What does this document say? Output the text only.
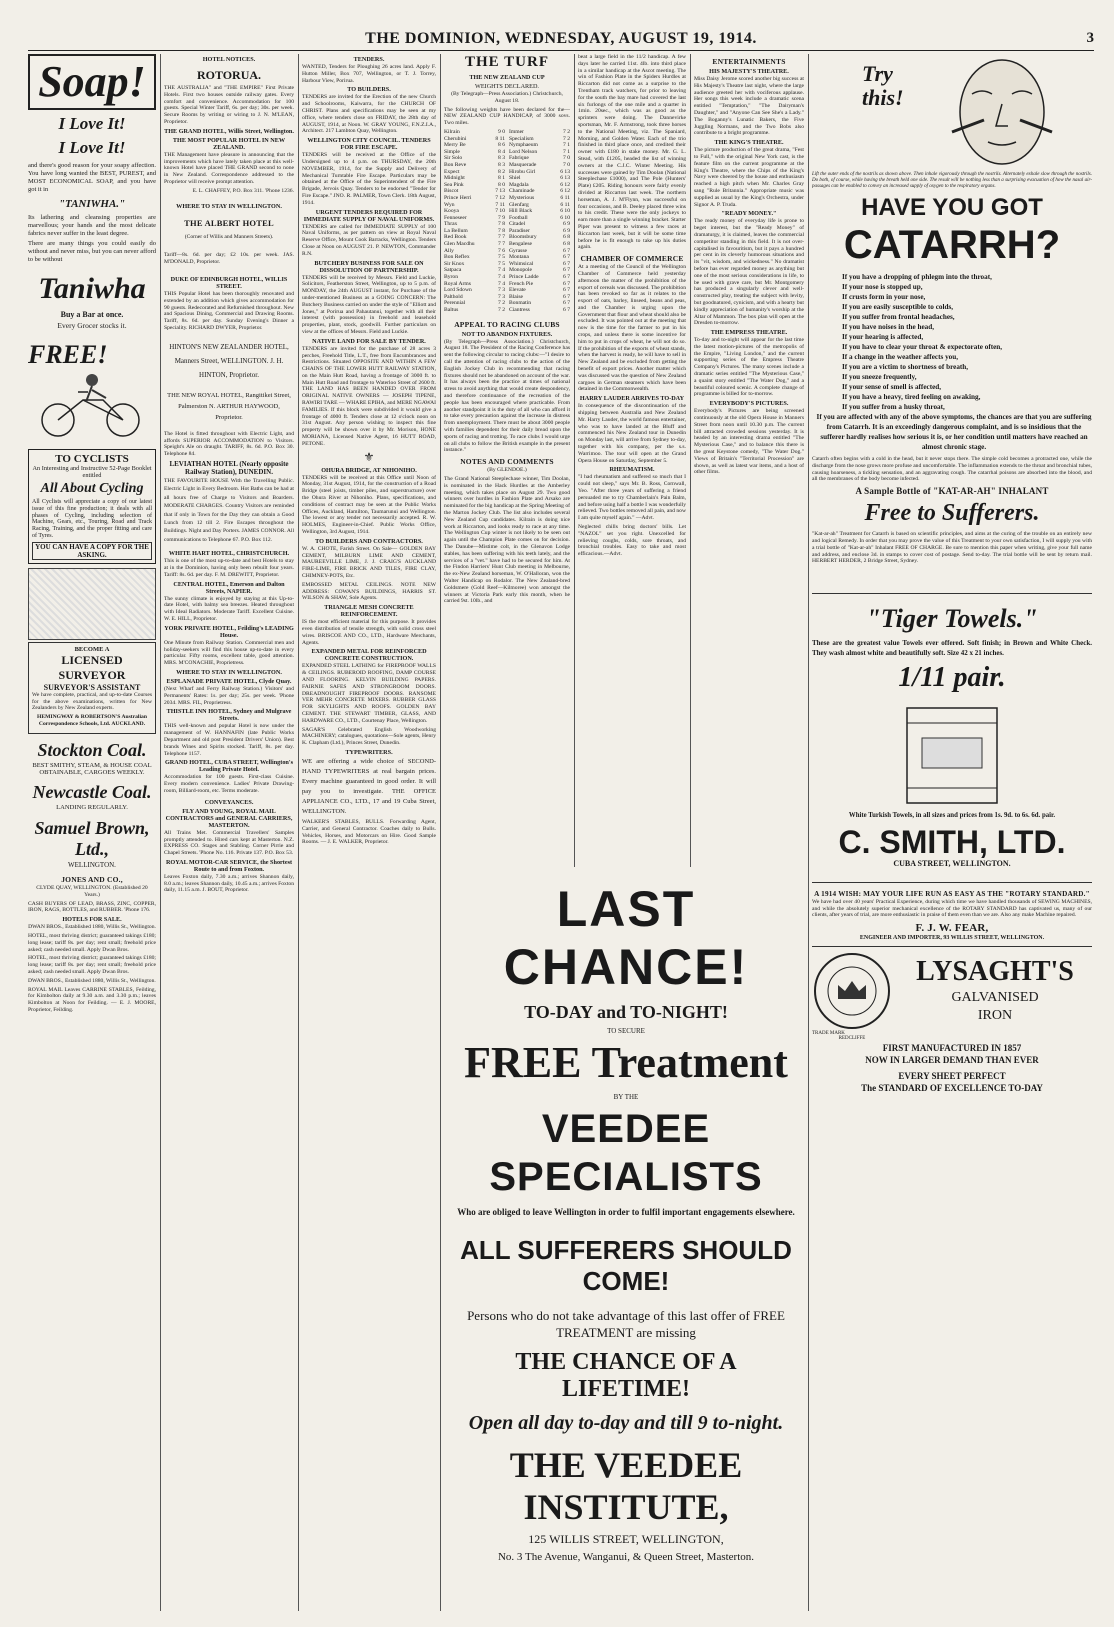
THE DOMINION, WEDNESDAY, AUGUST 19, 1914.	3
Soap!
I Love It!
I Love It!

and there's good reason for your soapy affection. You have long wanted the BEST, PUREST, and MOST ECONOMICAL SOAP, and you have got it in

"TANIWHA."

Its lathering and cleansing properties are marvellous; your hands and the most delicate fabrics never suffer in the least degree.

There are many things you could easily do without and never miss, but you can never afford to be without

Taniwha

Buy a Bar at once.

Every Grocer stocks it.

FREE!
TO CYCLISTS
An Interesting and Instructive 52-Page Booklet entitled
All About Cycling

All Cyclists will appreciate a copy of our latest issue of this fine production; it deals with all phases of Cycling, including selection of Machine, Gears, etc., Touring, Road and Track Racing, Training, and the proper fitting and care of Tyres.

YOU CAN HAVE A COPY FOR THE ASKING.
BECOME A
LICENSED SURVEYOR
SURVEYOR'S ASSISTANT

We have complete, practical, and up-to-date Courses for the above examinations, written for New Zealanders by New Zealand experts.

HEMINGWAY & ROBERTSON'S Australian Correspondence Schools, Ltd. AUCKLAND.

Stockton Coal.

BEST SMITHY, STEAM, & HOUSE COAL OBTAINABLE, CARGOES WEEKLY.

Newcastle Coal.

LANDING REGULARLY.

Samuel Brown, Ltd.,

WELLINGTON.

JONES AND CO.,

CLYDE QUAY, WELLINGTON. (Established 20 Years.)

CASH BUYERS OF LEAD, BRASS, ZINC, COPPER, IRON, RAGS, BOTTLES, and RUBBER. 'Phone 176.

HOTELS FOR SALE.

DWAN BROS., Established 1880, Willis St., Wellington.

HOTEL, most thriving district; guaranteed takings £180; long lease; tariff 8s. per day; rent small; freehold price asked; cash needed small. Apply Dwan Bros.

HOTEL, most thriving district; guaranteed takings £180; long lease; tariff 8s. per day; rent small; freehold price asked; cash needed small. Apply Dwan Bros.

DWAN BROS., Established 1880, Willis St., Wellington.

ROYAL MAIL Leaves CARRINE STABLES, Feilding, for Kimbolton daily at 9.30 a.m. and 3.30 p.m.; leaves Kimbolton at Noon for Feilding. — E. J. MOORE, Proprietor, Feilding.

HOTEL NOTICES.
ROTORUA.

THE AUSTRALIA" and "THE EMPIRE" First Private Hotels. First two houses outside railway gates. Every comfort and convenience. Accommodation for 100 guests. Special Winter Tariff, 6s. per day; 30s. per week. Secure Rooms by writing or wiring to J. N. M'LEAN, Proprietor.

THE GRAND HOTEL, Willis Street, Wellington.
THE MOST POPULAR HOTEL IN NEW ZEALAND.

THE Management have pleasure in announcing that the improvements which have lately taken place at this well-known Hotel have placed THE GRAND second to none in New Zealand. Correspondence addressed to the Proprietor will receive prompt attention.

E. L. CHAFFEY, P.O. Box 311. 'Phone 1236.

WHERE TO STAY IN WELLINGTON.
THE ALBERT HOTEL

(Corner of Willis and Manners Streets).

Tariff—8s. 6d. per day; £2 10s. per week. JAS. M'DONALD, Proprietor.

DUKE OF EDINBURGH HOTEL, WILLIS STREET.

THIS Popular Hotel has been thoroughly renovated and extended by an addition which gives accommodation for 90 guests. Redecorated and Refurnished throughout. New and Spacious Dining, Commercial and Drawing Rooms. Tariff, 8s. 6d. per day. Sunday Evening's Dinner a Speciality. RICHARD DWYER, Proprietor.

HINTON'S NEW ZEALANDER HOTEL, Manners Street, WELLINGTON. J. H. HINTON, Proprietor.

THE NEW ROYAL HOTEL, Rangitikei Street, Palmerston N. ARTHUR HAYWOOD, Proprietor.

The Hotel is fitted throughout with Electric Light, and affords SUPERIOR ACCOMMODATION to Visitors. Speight's Ale on draught. TARIFF, 8s. 6d. P.O. Box 30. Telephone 84.

LEVIATHAN HOTEL (Nearly opposite Railway Station), DUNEDIN.

THE FAVOURITE HOUSE With the Travelling Public. Electric Light in Every Bedroom. Hot Baths can be had at all hours free of Charge to Visitors and Boarders. MODERATE CHARGES. Country Visitors are reminded that if only in Town for the Day they can obtain a Good Lunch from 12 till 2. Fire Escapes throughout the Buildings. Night and Day Porters. JAMES CONNOR. All communications to Telephone 67. P.O. Box 112.

WHITE HART HOTEL, CHRISTCHURCH.

This is one of the most up-to-date and best Hotels to stay at in the Dominion, having only been rebuilt four years. Tariff: 8s. 6d. per day. F. M. DREWITT, Proprietor.

CENTRAL HOTEL, Emerson and Dalton Streets, NAPIER.

The sunny climate is enjoyed by staying at this Up-to-date Hotel, with balmy sea breezes. Heated throughout with Ideal Radiators. Moderate Tariff. Excellent Cuisine. W. E. HILL, Proprietor.

YORK PRIVATE HOTEL, Feilding's LEADING House.

One Minute from Railway Station. Commercial men and holiday-seekers will find this house up-to-date in every particular. Fifty rooms, excellent table, good attention. MRS. M'CONACHIE, Proprietress.

WHERE TO STAY IN WELLINGTON.
ESPLANADE PRIVATE HOTEL, Clyde Quay.

(Next Wharf and Ferry Railway Station.) Visitors' and Permanents' Rates: 1s. per day; 25s. per week. 'Phone 2034. MRS. FIL, Proprietress.

THISTLE INN HOTEL, Sydney and Mulgrave Streets.

THIS well-known and popular Hotel is now under the management of W. HANNAFIN (late Public Works Department and old post President Drivers' Union). Best brands Wines and Spirits stocked. Tariff, 8s. per day. Telephone 1157.

GRAND HOTEL, CUBA STREET, Wellington's Leading Private Hotel.

Accommodation for 100 guests. First-class Cuisine. Every modern convenience. Ladies' Private Drawing-room, Billiard-room, etc. Terms moderate.

CONVEYANCES.
FLY AND YOUNG, ROYAL MAIL CONTRACTORS and GENERAL CARRIERS, MASTERTON.

All Trains Met. Commercial Travellers' Samples promptly attended to. Hired cars kept at Masterton. N.Z. EXPRESS CO. Stages and Stabling. Corner Pirrie and Chapel Streets. 'Phone No. 116. Private 137. P.O. Box 53.

ROYAL MOTOR-CAR SERVICE, the Shortest Route to and from Foxton.

Leaves Foxton daily, 7.30 a.m.; arrives Shannon daily, 8.0 a.m.; leaves Shannon daily, 10.45 a.m.; arrives Foxton daily, 11.15 a.m. J. BOUT, Proprietor.

TENDERS.

WANTED, Tenders for Ploughing 26 acres land. Apply F. Hutton Miller, Box 707, Wellington, or T. J. Torrey, Harbour View, Porirua.

TO BUILDERS.

TENDERS are invited for the Erection of the new Church and Schoolrooms, Kaiwarra, for the CHURCH OF CHRIST. Plans and specifications may be seen at my office, where tenders close on FRIDAY, the 28th day of AUGUST, 1914, at Noon. W. GRAY YOUNG, F.N.Z.I.A., Architect. 217 Lambton Quay, Wellington.

WELLINGTON CITY COUNCIL. TENDERS FOR FIRE ESCAPE.

TENDERS will be received at the Office of the Undersigned up to 4 p.m. on THURSDAY, the 20th NOVEMBER, 1914, for the Supply and Delivery of Mechanical Turntable Fire Escape. Particulars may be obtained at the Office of the Superintendent of the Fire Brigade, Jervois Quay. Tenders to be endorsed "Tender for Fire Escape." JNO. R. PALMER, Town Clerk. 18th August, 1914.

URGENT TENDERS REQUIRED FOR IMMEDIATE SUPPLY OF NAVAL UNIFORMS.

TENDERS are called for IMMEDIATE SUPPLY of 100 Naval Uniforms, as per pattern on view at Royal Naval Reserve Office, Mount Cook Barracks, Wellington. Tenders Close at Noon on AUGUST 21. P. NEWTON, Commander R.N.

BUTCHERY BUSINESS FOR SALE ON DISSOLUTION OF PARTNERSHIP.

TENDERS will be received by Messrs. Field and Luckie, Solicitors, Featherston Street, Wellington, up to 5 p.m. of MONDAY, the 24th AUGUST instant, for Purchase of the under-mentioned Business as a GOING CONCERN: The Butchery Business carried on under the style of "Elliott and Jones," at Porirua and Pahautanui, together with all their interest (with possession) in freehold and leasehold properties, plant, stock, goodwill. Further particulars on view at the offices of Messrs. Field and Luckie.

NATIVE LAND FOR SALE BY TENDER.

TENDERS are invited for the purchase of 28 acres 3 perches, Freehold Title, L.T., free from Encumbrances and Restrictions. Situated OPPOSITE AND WITHIN A FEW CHAINS OF THE LOWER HUTT RAILWAY STATION, on the Main Hutt Road, having a frontage of 3000 ft. to Main Hutt Road and frontage to Waterloo Street of 2600 ft. THE LAND HAS BEEN HANDED OVER FROM ORIGINAL NATIVE OWNERS — JOSEPH TIPENE, RAWIRI TARE — WHARE EPIHA, and MERE NGAWAI FAMILIES. If this block were subdivided it would give a frontage of 4000 ft. Tenders close at 12 o'clock noon on 31st August. Any person wishing to inspect this fine property will be shown over it by Mr. Morison, HONE MORIANA, Licensed Native Agent, 16 HUTT ROAD, PETONE.

⚜
OHURA BRIDGE, AT NIHONIHO.

TENDERS will be received at this Office until Noon of Monday, 31st August, 1914, for the construction of a Road Bridge (steel joists, timber piles, and superstructure) over the Ohura River at Nihoniho. Plans, specifications, and conditions of contract may be seen at the Public Works Offices, Auckland, Hamilton, Taumarunui and Wellington. The lowest or any tender not necessarily accepted. R. W. HOLMES, Engineer-in-Chief. Public Works Office, Wellington, 3rd August, 1914.

TO BUILDERS AND CONTRACTORS.

W. A. CHOTE, Farish Street. On Sale— GOLDEN BAY CEMENT, MILBURN LIME AND CEMENT, MAUREEVILLE LIME, J. J. CRAIG'S AUCKLAND FIRE-LIME, FIRE BRICK AND TILES, FIRE CLAY, CHIMNEY-POTS, Etc.

EMBOSSED METAL CEILINGS. NOTE NEW ADDRESS: COWAN'S BUILDINGS, HARRIS ST. WILSON & SHAW, Sole Agents.

TRIANGLE MESH CONCRETE REINFORCEMENT.

IS the most efficient material for this purpose. It provides even distribution of tensile strength, with solid cross steel wires. BRISCOE AND CO., LTD., Hardware Merchants, Agents.

EXPANDED METAL FOR REINFORCED CONCRETE CONSTRUCTION.

EXPANDED STEEL LATHING for FIREPROOF WALLS & CEILINGS. RUBEROID ROOFING, DAMP COURSE AND FLOORING. KELVIN BUILDING PAPERS. FAIRNIE SAFES AND STRONGROOM DOORS. DREADNOUGHT FIREPROOF DOORS. RANSOME VER MEHR CONCRETE MIXERS. RUBBER GLASS FOR SKYLIGHTS AND ROOFS. GOLDEN BAY CEMENT. THE STEWART TIMBER, GLASS, AND HARDWARE CO., LTD., Courtenay Place, Wellington.

SAGAR'S Celebrated English Woodworking MACHINERY; catalogues, quotations—Sole agents, Henry K. Clapham (Ltd.), Princes Street, Dunedin.

TYPEWRITERS.

WE are offering a wide choice of SECOND-HAND TYPEWRITERS at real bargain prices. Every machine guaranteed in good order. It will pay you to investigate. THE OFFICE APPLIANCE CO., LTD., 17 and 19 Cuba Street, WELLINGTON.

WALKER'S STABLES, BULLS. Forwarding Agent, Carrier, and General Contractor. Coaches daily to Bulls. Vehicles, Horses, and Motorcars on Hire. Good Sample Rooms. — J. E. WALKER, Proprietor.

THE TURF
THE NEW ZEALAND CUP
WEIGHTS DECLARED.

(By Telegraph—Press Association.) Christchurch, August 18.

The following weights have been declared for the— NEW ZEALAND CUP HANDICAP, of 3000 sovs. Two miles.

Kilrain	9 0
Cherubini	8 11
Merry Be	8 6
Simple	8 4
Sir Solo	8 3
Bon Reve	8 3
Expect	8 2
Midnight	8 1
Sea Pink	8 0
Biscot	7 13
Prince Herri	7 12
Wyn	7 11
Kooya	7 10
Fenneseer	7 9
Thrax	7 8
La Bellum	7 8
Red Book	7 7
Glen Macdhu	7 7
Ally	7 6
Bon Reflex	7 5
Sir Knox	7 5
Satpaca	7 4
Byron	7 4
Royal Arms	7 4
Lord Sdown	7 3
Palthold	7 3
Perennial	7 2
Baltus	7 2
Immer	7 2
Specialism	7 2
Nymphaeum	7 1
Lord Nelson	7 1
Fabrique	7 0
Masquerade	7 0
Hirobu Girl	6 13
Shiel	6 13
Magdala	6 12
Chaminade	6 12
Mysterious	6 11
Glenfarg	6 11
Hill Black	6 10
Football	6 10
Citadel	6 9
Paradiser	6 9
Bloomsbury	6 8
Bengalese	6 8
Gyrasse	6 7
Montana	6 7
Whimsical	6 7
Monopole	6 7
Prince Ladde	6 7
French Pie	6 7
Elevate	6 7
Blaise	6 7
Bonmatin	6 7
Ciantress	6 7
APPEAL TO RACING CLUBS
NOT TO ABANDON FIXTURES.

(By Telegraph—Press Association.) Christchurch, August 18. The President of the Racing Conference has sent the following circular to racing clubs:—"I desire to call the attention of racing clubs to the action of the English Jockey Club in recommending that racing fixtures should not be abandoned on account of the war. It has always been the practice at times of national stress to avoid anything that would create despondency, and therefore continuance of the recreation of the people has been encouraged where practicable. From another standpoint it is the duty of all who can afford it to take every precaution against the increase in distress from unemployment. There must be about 3000 people with families dependent for their daily bread upon the sports of racing and trotting. To race clubs I would urge on all clubs to follow the British example in the present instance."

NOTES AND COMMENTS

(By GLENDOE.)

The Grand National Steeplechase winner, Tim Doolan, is nominated in the Hack Hurdles at the Amberley meeting, which takes place on August 29. Two good winners over hurdles in Fashion Plate and Arsako are nominated for the big handicap at the Spring Meeting of the Marton Jockey Club. The list also includes several New Zealand Cup candidates. Kilrain is doing nice work at Riccarton, and looks ready to race at any time. The Wellington Cup winter is not likely to be seen out again until the Champion Plate comes on for decision. The Danube—Mistime colt, in the Glenavon Lodge stables, has been suffering with his teeth lately, and the services of a "vet." have had to be secured for him. At the Findon Harriers' Hunt Club meeting in Melbourne, the ex-New Zealand horseman, W. O'Halloran, won the Walter Handicap on Rodalor. The New Zealand-bred Goldsmere (Gold Reef—Kilmoree) won amongst the winners at Victoria Park early this month, when he carried 9st. 10lb., and

beat a large field in the 11/2 handicap. A few days later he carried 11st. 4lb. into third place in a similar handicap at the Ascot meeting. The win of Fashion Plate in the Spiders Hurdles at Riccarton did not come as a surprise to the Trentham track watchers, for prior to leaving for the south the bay mare had covered the last six furlongs of the one mile and a quarter in 1min. 20sec., which was as good as the sprinters were doing. The Dannevirke sportsman, Mr. F. Armstrong, took three horses to the National Meeting, viz. The Spaniard, Morning, and Golden Water. Each of the trio finished in third place once, and credited their owner with £180 in stake money. Mr. G. L. Stead, with £1205, headed the list of winning owners at the C.J.C. Winter Meeting. His successes were gained by Tim Doolan (National Steeplechase £1000), and The Pole (Hunters' Plate) £205. Riding honours were fairly evenly divided at Riccarton last week. The northern horseman, A. J. M'Flynn, was successful on four occasions, and B. Deeley placed three wins to his credit. These were the only jockeys to earn more than a single winning bracket. Starter Piper was present to witness a few races at Riccarton last week, but it will be some time before he is fit enough to take up his duties again.

CHAMBER OF COMMERCE

At a meeting of the Council of the Wellington Chamber of Commerce held yesterday afternoon the matter of the prohibition of the export of cereals was discussed. The prohibition has been revoked so far as it relates to the export of oats, barley, linseed, beans and peas, and the Chamber is urging upon the Government that flour and wheat should also be excluded. It was pointed out at the meeting that now is the time for the farmer to put in his crops, and unless there is some incentive for him to put in crops of wheat, he will not do so. If the prohibition of the exports of wheat stands, when the harvest is ready, he will have to sell in New Zealand and be excluded from getting the benefit of export prices. Another matter which was discussed was the question of New Zealand cargoes in German steamers which have been detained in the Commonwealth.

HARRY LAUDER ARRIVES TO-DAY

In consequence of the discontinuation of the shipping between Australia and New Zealand Mr. Harry Lauder, the world famous entertainer, who was to have landed at the Bluff and commenced his New Zealand tour in Dunedin on Monday last, will arrive from Sydney to-day, together with his company, per the s.s. Warrimoo. The tour will open at the Grand Opera House on Saturday, September 5.

RHEUMATISM.

"I had rheumatism and suffered so much that I could not sleep," says Mr. B. Ross, Cornwall, Yeo. "After three years of suffering a friend persuaded me to try Chamberlain's Pain Balm, and before using half a bottle I was wonderfully relieved. Two bottles removed all pain, and now I am quite myself again." —Advt.

Neglected chills bring doctors' bills. Let "NAZOL" set you right. Unexcelled for relieving coughs, colds, sore throats, and bronchial troubles. Easy to take and most efficacious.—Advt.

ENTERTAINMENTS
HIS MAJESTY'S THEATRE.

Miss Daisy Jerome scored another big success at His Majesty's Theatre last night, where the large audience greeted her with vociferous applause. Her songs this week include a dramatic scena entitled "Temptation," "The Dairyman's Daughter," and "Anyone Can See She's a Lady." The Boganny's Lunatic Bakers, the Five Juggling Normans, and the Two Bobs also contribute to a bright programme.

THE KING'S THEATRE.

The picture production of the great drama, "Fest to Full," with the original New York cast, is the feature film on the current programme at the King's Theatre, where the Chips of the King's Navy were cheered by the house and enthusiasm reached a high pitch when Mr. Charles Gray sang "Rule Britannia." Appropriate music was supplied as usual by the King's Orchestra, under Signor A. P. Truda.

"READY MONEY."

The ready money of everyday life is prone to beget interest, but the "Ready Money" of dramaturgy, it is claimed, leaves the commercial competitor standing in this field. It is not over-capitalised in favouritism, but it pays a hundred per cent in its cleverly humorous situations and its "vit, wisdom, and wickedness." No dramatist before has ever regarded money as anything but one of the most serious considerations in life, to be used with grave care, but Mr. Montgomery has produced a singularly clever and well-constructed play, treating the subject with levity, but goodnatured, cynicism, and with a hearty but kindly appreciation of humanity's worship at the Altar of Mammon. The box plan will open at the Dresden to-morrow.

THE EMPRESS THEATRE.

To-day and to-night will appear for the last time the latest motion-pictures of the metropolis of the Empire, "Living London," and the current supporting series of the Empress Theatre Company's Pictures. The many scenes include a dramatic series entitled "The Mysterious Case," a quaint story entitled "The Water Dog," and a beautiful coloured scenic. A complete change of programme is billed for to-morrow.

EVERYBODY'S PICTURES.

Everybody's Pictures are being screened continuously at the old Opera House in Manners Street from noon until 10.30 p.m. The current bill attracted crowded sessions yesterday. It is headed by an interesting drama entitled "The Mysterious Case," and to balance this there is the great Keystone comedy, "The Water Dog." Views of Britain's "Territorial Procession" are shown, as well as latest war items, and a host of other films.

LAST CHANCE!
TO-DAY and TO-NIGHT!
TO SECURE
FREE Treatment
BY THE
VEEDEE SPECIALISTS
Who are obliged to leave Wellington in order to fulfil important engagements elsewhere.
ALL SUFFERERS SHOULD COME!
Persons who do not take advantage of this last offer of FREE TREATMENT are missing
THE CHANCE OF A LIFETIME!
Open all day to-day and till 9 to-night.
THE VEEDEE INSTITUTE,
125 WILLIS STREET, WELLINGTON,
No. 3 The Avenue, Wanganui, & Queen Street, Masterton.
Try this!

Lift the outer ends of the nostrils as shown above. Then inhale vigorously through the nostrils. Alternately exhale slow through the nostrils. Do both, of course, while having the breath held one side. The result will be nothing less than a surprising evacuation of how the nasal air-passages can be enabled to convey an increased supply of oxygen to the respiratory organs.

HAVE YOU GOT
CATARRH?

If you have a dropping of phlegm into the throat,

If your nose is stopped up,

If crusts form in your nose,

If you are easily susceptible to colds,

If you suffer from frontal headaches,

If you have noises in the head,

If your hearing is affected,

If you have to clear your throat & expectorate often,

If a change in the weather affects you,

If you are a victim to shortness of breath,

If you sneeze frequently,

If your sense of smell is affected,

If you have a heavy, tired feeling on awaking,

If you suffer from a husky throat,

If you are affected with any of the above symptoms, the chances are that you are suffering from Catarrh. It is an exceedingly dangerous complaint, and is so insidious that the sufferer hardly realises how serious it is, or her condition until matters have reached an almost chronic stage.

Catarrh often begins with a cold in the head, but it never stops there. The simple cold becomes a protracted one, while the discharge from the nose grows more profuse and uncomfortable. The inflammation extends to the throat and bronchial tubes, causing hoarseness, a tickling sensation, and an aggravating cough. The catarrhal poisons are absorbed into the blood, and all the membranes of the body become infected.

A Sample Bottle of "KAT-AR-AH" INHALANT
Free to Sufferers.

"Kat-ar-ah" Treatment for Catarrh is based on scientific principles, and aims at the curing of the trouble on an entirely new and logical Remedy. In order that you may prove the value of this Treatment to your own satisfaction, I will supply you with a trial bottle of "Kat-ar-ah" Inhalant FREE OF CHARGE. Be sure to mention this paper when writing, give your full name and address, and enclose 3d. in stamps to cover cost of postage. Send to-day. The trial bottle will be sent by return mail. HERBERT HERDER, 2 Bridge Street, Sydney.

"Tiger Towels."

These are the greatest value Towels ever offered. Soft finish; in Brown and White Check. They wash almost white and beautifully soft. Size 42 x 21 inches.

1/11 pair.

White Turkish Towels, in all sizes and prices from 1s. 9d. to 6s. 6d. pair.

C. SMITH, LTD.

CUBA STREET, WELLINGTON.

A 1914 WISH: MAY YOUR LIFE RUN AS EASY AS THE "ROTARY STANDARD."

We have had over 40 years' Practical Experience, during which time we have handled thousands of SEWING MACHINES, and while the absolutely superior mechanical excellence of the ROTARY STANDARD has captivated us, many of our clients, after years of trial, are more enthusiastic in praise of them even than we are. Also any make Machine repaired.

F. J. W. FEAR,

ENGINEER AND IMPORTER, 93 WILLIS STREET, WELLINGTON.

LYSAGHT'S
GALVANISED
IRON
TRADE MARK
REDCLIFFE
FIRST MANUFACTURED IN 1857
NOW IN LARGER DEMAND THAN EVER
EVERY SHEET PERFECT
The STANDARD OF EXCELLENCE TO-DAY
